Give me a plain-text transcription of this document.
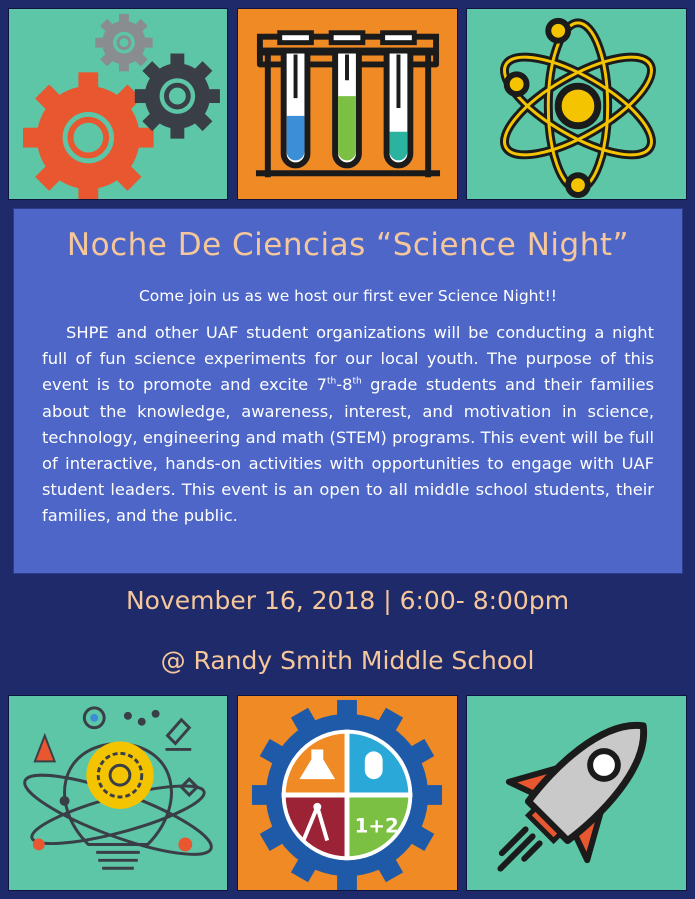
Noche De Ciencias “Science Night”
Come join us as we host our first ever Science Night!!
SHPE and other UAF student organizations will be conducting a night full of fun science experiments for our local youth. The purpose of this event is to promote and excite 7th-8th grade students and their families about the knowledge, awareness, interest, and motivation in science, technology, engineering and math (STEM) programs. This event will be full of interactive, hands-on activities with opportunities to engage with UAF student leaders. This event is an open to all middle school students, their families, and the public.
November 16, 2018 | 6:00- 8:00pm
@ Randy Smith Middle School
1+2
